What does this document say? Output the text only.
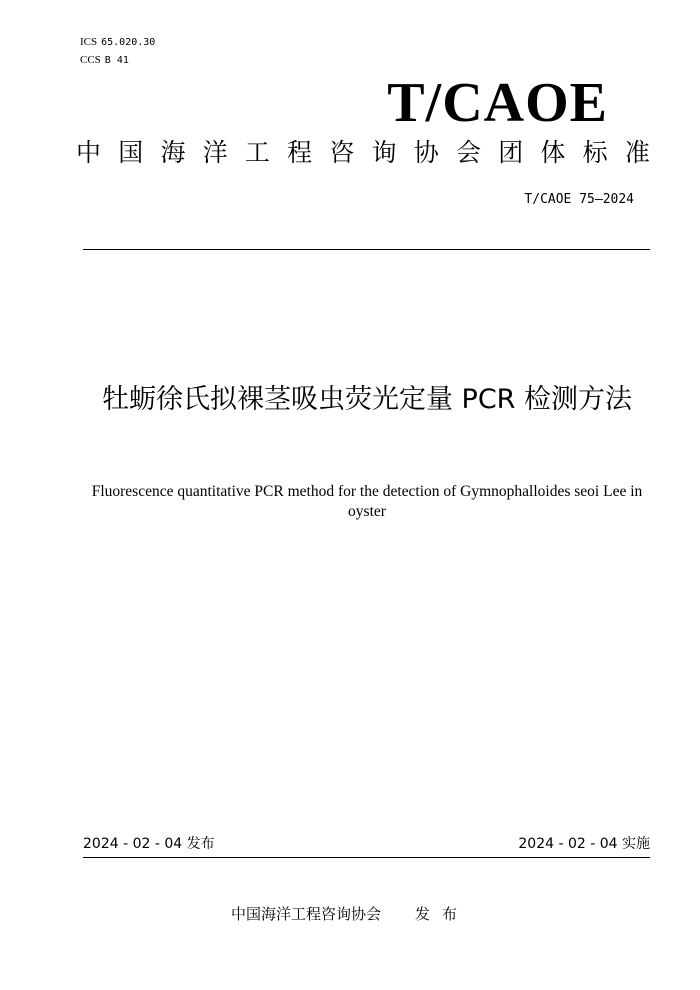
ICS 65.020.30
CCS B 41
T/CAOE
中 国 海 洋 工 程 咨 询 协 会 团 体 标 准
T/CAOE 75—2024
牡蛎徐氏拟裸茎吸虫荧光定量 PCR 检测方法
Fluorescence quantitative PCR method for the detection of Gymnophalloides seoi Lee in oyster
2024 - 02 - 04 发布	2024 - 02 - 04 实施
中国海洋工程咨询协会 发布
